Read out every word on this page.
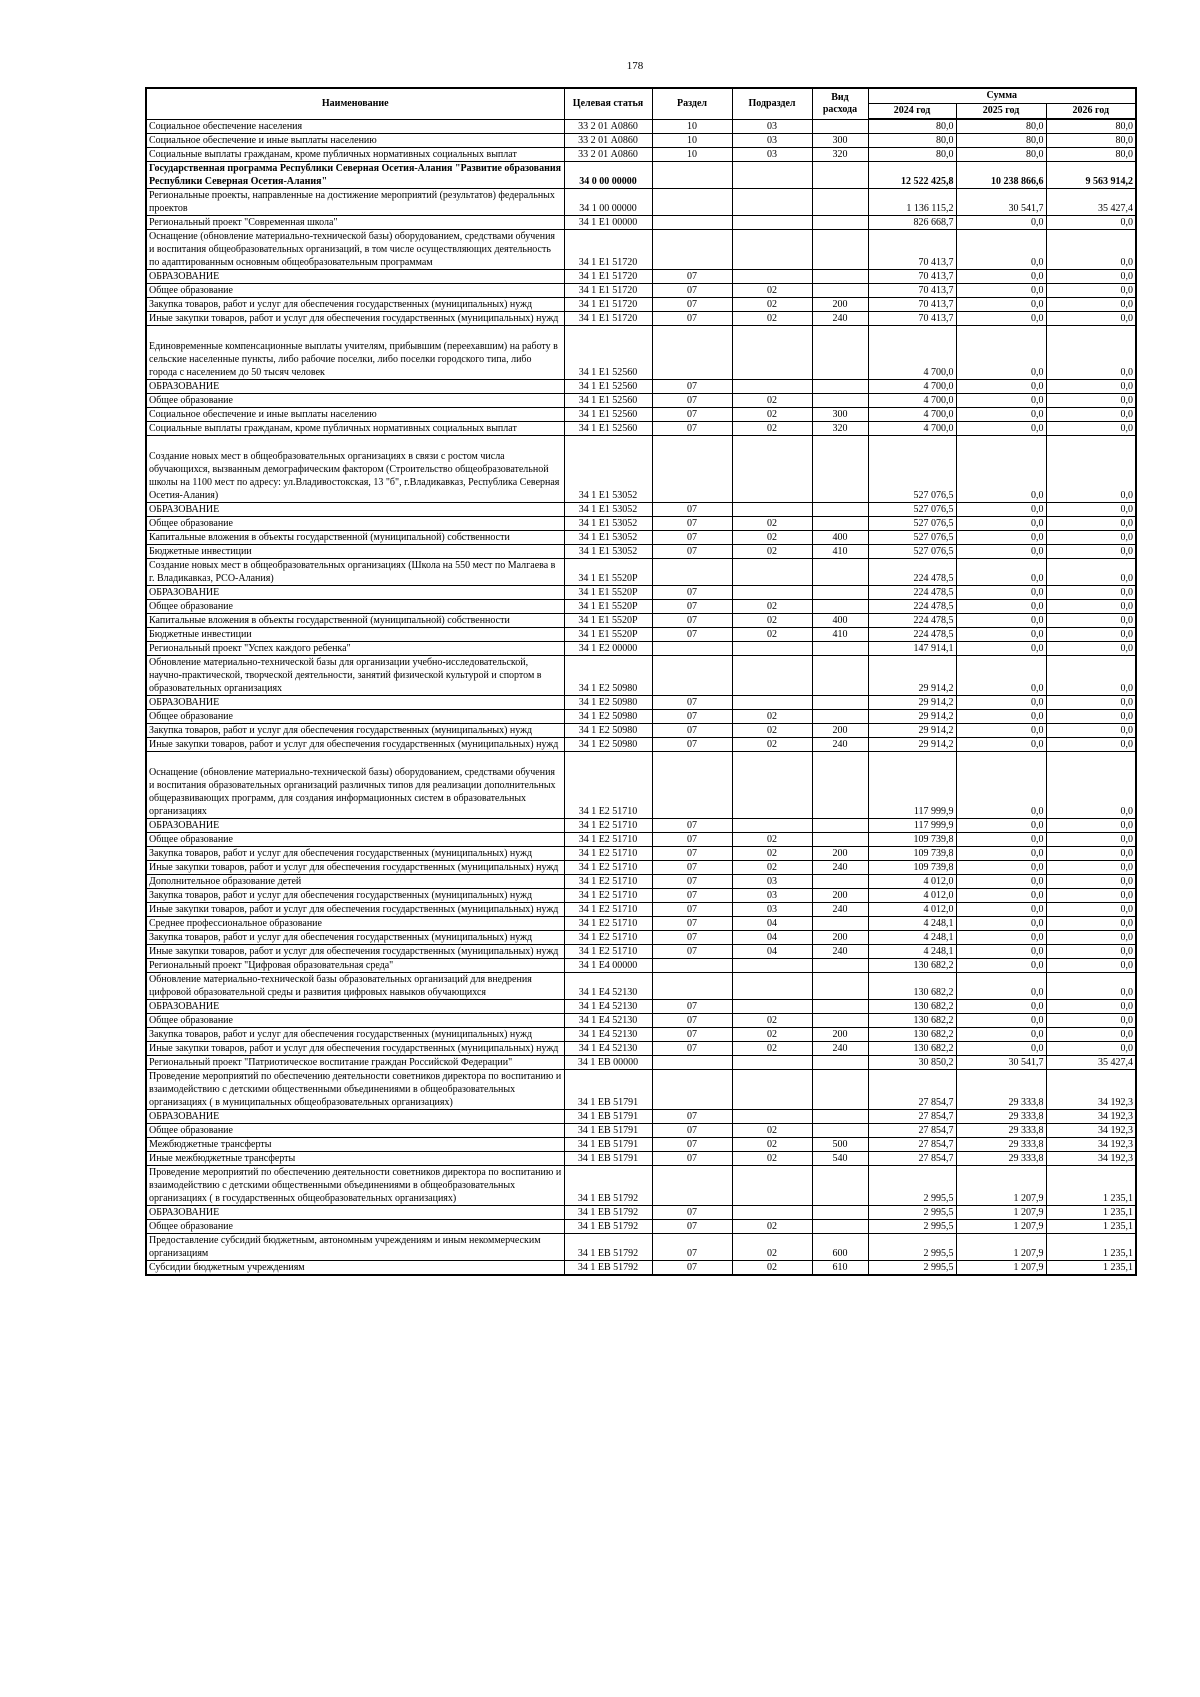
178
Наименование	Целевая статья	Раздел	Подраздел	Вид расхода	Сумма		
					2024 год	2025 год	2026 год
Социальное обеспечение населения	33 2 01 А0860	10	03		80,0	80,0	80,0
Социальное обеспечение и иные выплаты населению	33 2 01 А0860	10	03	300	80,0	80,0	80,0
Социальные выплаты гражданам, кроме публичных нормативных социальных выплат	33 2 01 А0860	10	03	320	80,0	80,0	80,0
Государственная программа Республики Северная Осетия-Алания "Развитие образования Республики Северная Осетия-Алания"	34 0 00 00000				12 522 425,8	10 238 866,6	9 563 914,2
Региональные проекты, направленные на достижение мероприятий (результатов) федеральных проектов	34 1 00 00000				1 136 115,2	30 541,7	35 427,4
Региональный проект "Современная школа"	34 1 Е1 00000				826 668,7	0,0	0,0
Оснащение (обновление материально-технической базы) оборудованием, средствами обучения и воспитания общеобразовательных организаций, в том числе осуществляющих деятельность по адаптированным основным общеобразовательным программам	34 1 Е1 51720				70 413,7	0,0	0,0
ОБРАЗОВАНИЕ	34 1 Е1 51720	07			70 413,7	0,0	0,0
Общее образование	34 1 Е1 51720	07	02		70 413,7	0,0	0,0
Закупка товаров, работ и услуг для обеспечения государственных (муниципальных) нужд	34 1 Е1 51720	07	02	200	70 413,7	0,0	0,0
Иные закупки товаров, работ и услуг для обеспечения государственных (муниципальных) нужд	34 1 Е1 51720	07	02	240	70 413,7	0,0	0,0
Единовременные компенсационные выплаты учителям, прибывшим (переехавшим) на работу в сельские населенные пункты, либо рабочие поселки, либо поселки городского типа, либо города с населением до 50 тысяч человек	34 1 Е1 52560				4 700,0	0,0	0,0
ОБРАЗОВАНИЕ	34 1 Е1 52560	07			4 700,0	0,0	0,0
Общее образование	34 1 Е1 52560	07	02		4 700,0	0,0	0,0
Социальное обеспечение и иные выплаты населению	34 1 Е1 52560	07	02	300	4 700,0	0,0	0,0
Социальные выплаты гражданам, кроме публичных нормативных социальных выплат	34 1 Е1 52560	07	02	320	4 700,0	0,0	0,0
Создание новых мест в общеобразовательных организациях в связи с ростом числа обучающихся, вызванным демографическим фактором (Строительство общеобразовательной школы на 1100 мест по адресу: ул.Владивостокская, 13 "б", г.Владикавказ, Республика Северная Осетия-Алания)	34 1 Е1 53052				527 076,5	0,0	0,0
ОБРАЗОВАНИЕ	34 1 Е1 53052	07			527 076,5	0,0	0,0
Общее образование	34 1 Е1 53052	07	02		527 076,5	0,0	0,0
Капитальные вложения в объекты государственной (муниципальной) собственности	34 1 Е1 53052	07	02	400	527 076,5	0,0	0,0
Бюджетные инвестиции	34 1 Е1 53052	07	02	410	527 076,5	0,0	0,0
Создание новых мест в общеобразовательных организациях (Школа на 550 мест по Малгаева в г. Владикавказ, РСО-Алания)	34 1 Е1 5520Р				224 478,5	0,0	0,0
ОБРАЗОВАНИЕ	34 1 Е1 5520Р	07			224 478,5	0,0	0,0
Общее образование	34 1 Е1 5520Р	07	02		224 478,5	0,0	0,0
Капитальные вложения в объекты государственной (муниципальной) собственности	34 1 Е1 5520Р	07	02	400	224 478,5	0,0	0,0
Бюджетные инвестиции	34 1 Е1 5520Р	07	02	410	224 478,5	0,0	0,0
Региональный проект "Успех каждого ребенка"	34 1 Е2 00000				147 914,1	0,0	0,0
Обновление материально-технической базы для организации учебно-исследовательской, научно-практической, творческой деятельности, занятий физической культурой и спортом в образовательных организациях	34 1 Е2 50980				29 914,2	0,0	0,0
ОБРАЗОВАНИЕ	34 1 Е2 50980	07			29 914,2	0,0	0,0
Общее образование	34 1 Е2 50980	07	02		29 914,2	0,0	0,0
Закупка товаров, работ и услуг для обеспечения государственных (муниципальных) нужд	34 1 Е2 50980	07	02	200	29 914,2	0,0	0,0
Иные закупки товаров, работ и услуг для обеспечения государственных (муниципальных) нужд	34 1 Е2 50980	07	02	240	29 914,2	0,0	0,0
Оснащение (обновление материально-технической базы) оборудованием, средствами обучения и воспитания образовательных организаций различных типов для реализации дополнительных общеразвивающих программ, для создания информационных систем в образовательных организациях	34 1 Е2 51710				117 999,9	0,0	0,0
ОБРАЗОВАНИЕ	34 1 Е2 51710	07			117 999,9	0,0	0,0
Общее образование	34 1 Е2 51710	07	02		109 739,8	0,0	0,0
Закупка товаров, работ и услуг для обеспечения государственных (муниципальных) нужд	34 1 Е2 51710	07	02	200	109 739,8	0,0	0,0
Иные закупки товаров, работ и услуг для обеспечения государственных (муниципальных) нужд	34 1 Е2 51710	07	02	240	109 739,8	0,0	0,0
Дополнительное образование детей	34 1 Е2 51710	07	03		4 012,0	0,0	0,0
Закупка товаров, работ и услуг для обеспечения государственных (муниципальных) нужд	34 1 Е2 51710	07	03	200	4 012,0	0,0	0,0
Иные закупки товаров, работ и услуг для обеспечения государственных (муниципальных) нужд	34 1 Е2 51710	07	03	240	4 012,0	0,0	0,0
Среднее профессиональное образование	34 1 Е2 51710	07	04		4 248,1	0,0	0,0
Закупка товаров, работ и услуг для обеспечения государственных (муниципальных) нужд	34 1 Е2 51710	07	04	200	4 248,1	0,0	0,0
Иные закупки товаров, работ и услуг для обеспечения государственных (муниципальных) нужд	34 1 Е2 51710	07	04	240	4 248,1	0,0	0,0
Региональный проект "Цифровая образовательная среда"	34 1 Е4 00000				130 682,2	0,0	0,0
Обновление материально-технической базы образовательных организаций для внедрения цифровой образовательной среды и развития цифровых навыков обучающихся	34 1 Е4 52130				130 682,2	0,0	0,0
ОБРАЗОВАНИЕ	34 1 Е4 52130	07			130 682,2	0,0	0,0
Общее образование	34 1 Е4 52130	07	02		130 682,2	0,0	0,0
Закупка товаров, работ и услуг для обеспечения государственных (муниципальных) нужд	34 1 Е4 52130	07	02	200	130 682,2	0,0	0,0
Иные закупки товаров, работ и услуг для обеспечения государственных (муниципальных) нужд	34 1 Е4 52130	07	02	240	130 682,2	0,0	0,0
Региональный проект "Патриотическое воспитание граждан Российской Федерации"	34 1 ЕВ 00000				30 850,2	30 541,7	35 427,4
Проведение мероприятий по обеспечению деятельности советников директора по воспитанию и взаимодействию с детскими общественными объединениями в общеобразовательных организациях ( в муниципальных общеобразовательных организациях)	34 1 ЕВ 51791				27 854,7	29 333,8	34 192,3
ОБРАЗОВАНИЕ	34 1 ЕВ 51791	07			27 854,7	29 333,8	34 192,3
Общее образование	34 1 ЕВ 51791	07	02		27 854,7	29 333,8	34 192,3
Межбюджетные трансферты	34 1 ЕВ 51791	07	02	500	27 854,7	29 333,8	34 192,3
Иные межбюджетные трансферты	34 1 ЕВ 51791	07	02	540	27 854,7	29 333,8	34 192,3
Проведение мероприятий по обеспечению деятельности советников директора по воспитанию и взаимодействию с детскими общественными объединениями в общеобразовательных организациях ( в государственных общеобразовательных организациях)	34 1 ЕВ 51792				2 995,5	1 207,9	1 235,1
ОБРАЗОВАНИЕ	34 1 ЕВ 51792	07			2 995,5	1 207,9	1 235,1
Общее образование	34 1 ЕВ 51792	07	02		2 995,5	1 207,9	1 235,1
Предоставление субсидий бюджетным, автономным учреждениям и иным некоммерческим организациям	34 1 ЕВ 51792	07	02	600	2 995,5	1 207,9	1 235,1
Субсидии бюджетным учреждениям	34 1 ЕВ 51792	07	02	610	2 995,5	1 207,9	1 235,1
